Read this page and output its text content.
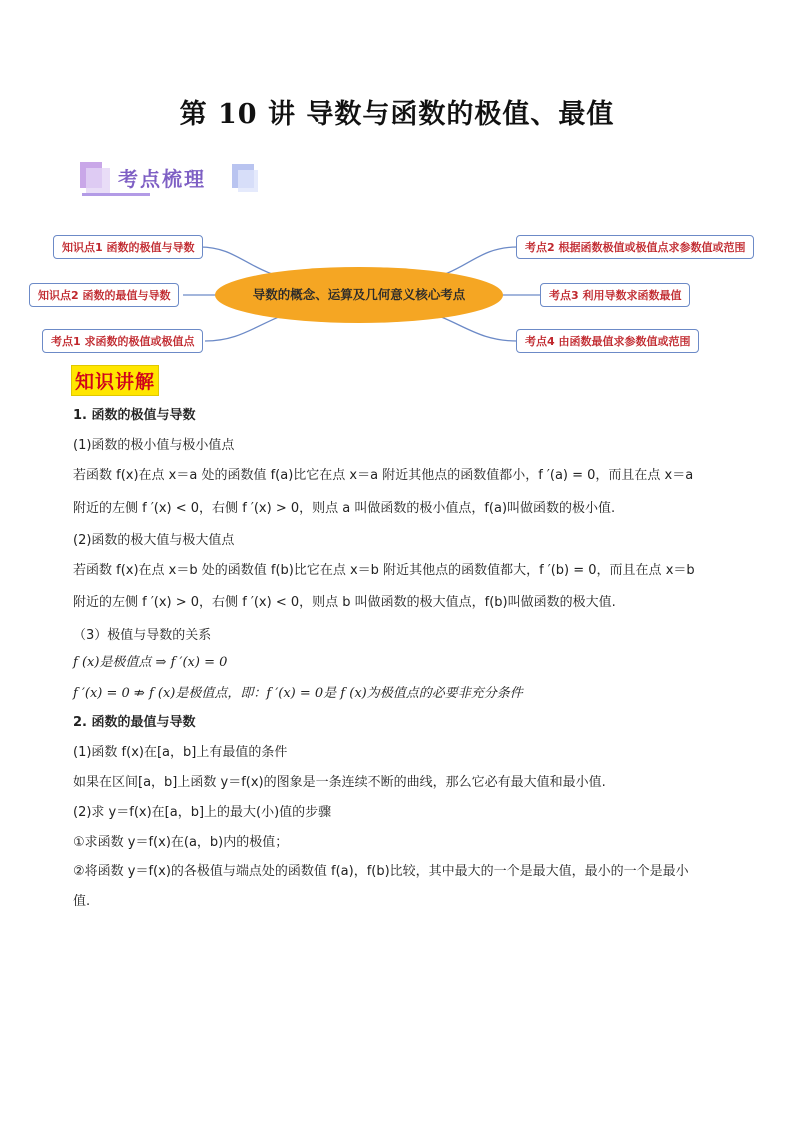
第 10 讲 导数与函数的极值、最值
考点梳理
知识点1 函数的极值与导数
知识点2 函数的最值与导数
考点1 求函数的极值或极值点
导数的概念、运算及几何意义核心考点
考点2 根据函数极值或极值点求参数值或范围
考点3 利用导数求函数最值
考点4 由函数最值求参数值或范围
知识讲解
1. 函数的极值与导数
(1)函数的极小值与极小值点
若函数 f(x)在点 x＝a 处的函数值 f(a)比它在点 x＝a 附近其他点的函数值都小，f ′(a) = 0，而且在点 x＝a
附近的左侧 f ′(x) < 0，右侧 f ′(x) > 0，则点 a 叫做函数的极小值点，f(a)叫做函数的极小值.
(2)函数的极大值与极大值点
若函数 f(x)在点 x＝b 处的函数值 f(b)比它在点 x＝b 附近其他点的函数值都大，f ′(b) = 0，而且在点 x＝b
附近的左侧 f ′(x) > 0，右侧 f ′(x) < 0，则点 b 叫做函数的极大值点，f(b)叫做函数的极大值.
（3）极值与导数的关系
f (x)是极值点 ⇒ f ′(x) = 0
f ′(x) = 0 ⇏ f (x)是极值点，即：f ′(x) = 0是 f (x)为极值点的必要非充分条件
2. 函数的最值与导数
(1)函数 f(x)在[a，b]上有最值的条件
如果在区间[a，b]上函数 y＝f(x)的图象是一条连续不断的曲线，那么它必有最大值和最小值.
(2)求 y＝f(x)在[a，b]上的最大(小)值的步骤
①求函数 y＝f(x)在(a，b)内的极值；
②将函数 y＝f(x)的各极值与端点处的函数值 f(a)，f(b)比较，其中最大的一个是最大值，最小的一个是最小
值.
